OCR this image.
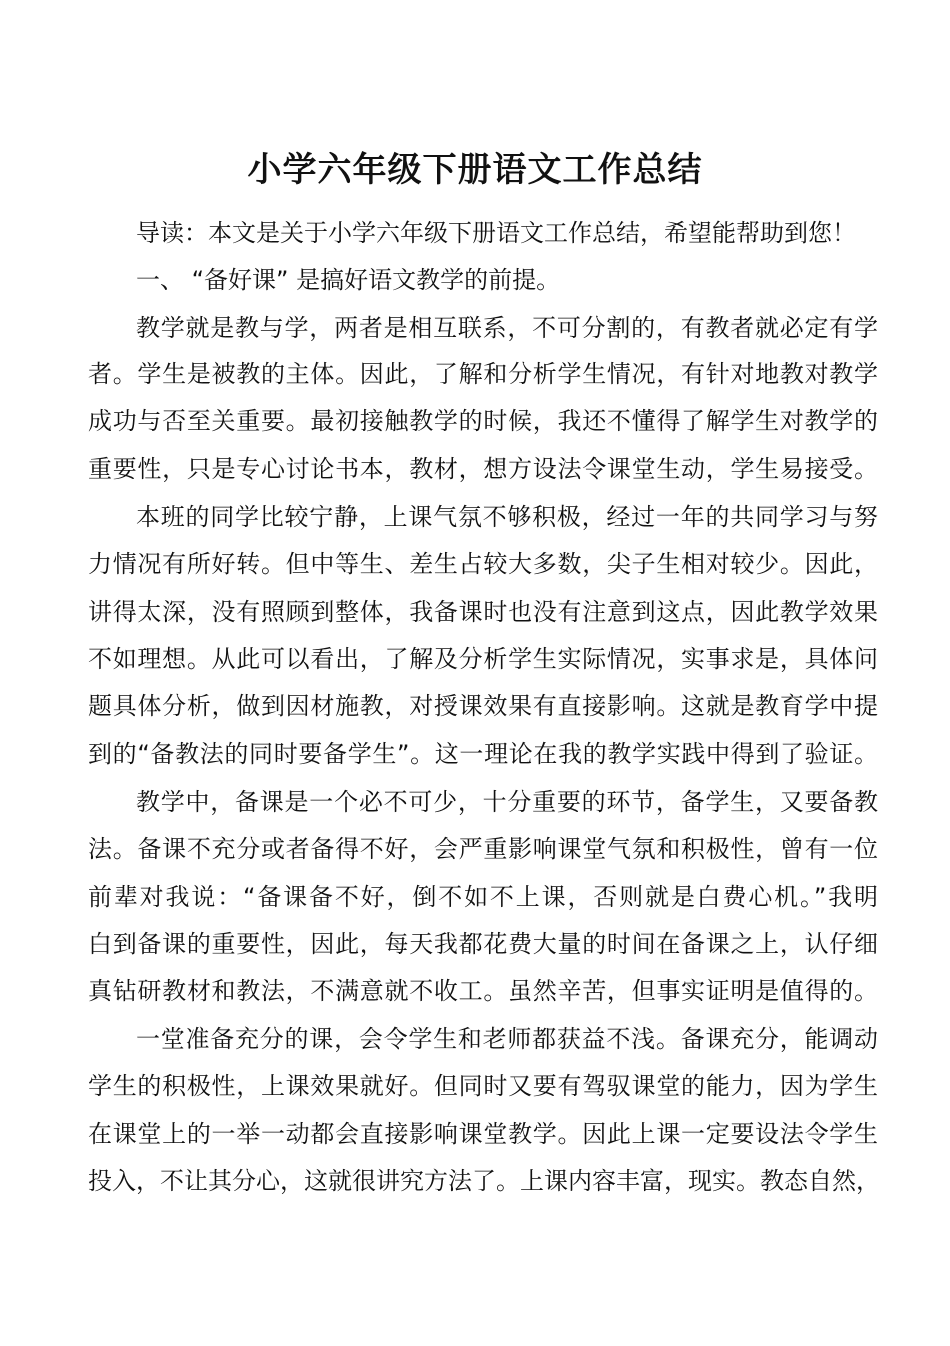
小学六年级下册语文工作总结
导读：本文是关于小学六年级下册语文工作总结，希望能帮助到您！
一、 “备好课” 是搞好语文教学的前提。
教学就是教与学，两者是相互联系，不可分割的，有教者就必定有学
者。学生是被教的主体。因此，了解和分析学生情况，有针对地教对教学
成功与否至关重要。最初接触教学的时候，我还不懂得了解学生对教学的
重要性，只是专心讨论书本，教材，想方设法令课堂生动，学生易接受。
本班的同学比较宁静，上课气氛不够积极，经过一年的共同学习与努
力情况有所好转。但中等生、差生占较大多数，尖子生相对较少。因此，
讲得太深，没有照顾到整体，我备课时也没有注意到这点，因此教学效果
不如理想。从此可以看出，了解及分析学生实际情况，实事求是，具体问
题具体分析，做到因材施教，对授课效果有直接影响。这就是教育学中提
到的“备教法的同时要备学生”。这一理论在我的教学实践中得到了验证。
教学中，备课是一个必不可少，十分重要的环节，备学生，又要备教
法。备课不充分或者备得不好，会严重影响课堂气氛和积极性，曾有一位
前辈对我说：“备课备不好，倒不如不上课，否则就是白费心机。”我明
白到备课的重要性，因此，每天我都花费大量的时间在备课之上，认仔细
真钻研教材和教法，不满意就不收工。虽然辛苦，但事实证明是值得的。
一堂准备充分的课，会令学生和老师都获益不浅。备课充分，能调动
学生的积极性，上课效果就好。但同时又要有驾驭课堂的能力，因为学生
在课堂上的一举一动都会直接影响课堂教学。因此上课一定要设法令学生
投入，不让其分心，这就很讲究方法了。上课内容丰富，现实。教态自然，
